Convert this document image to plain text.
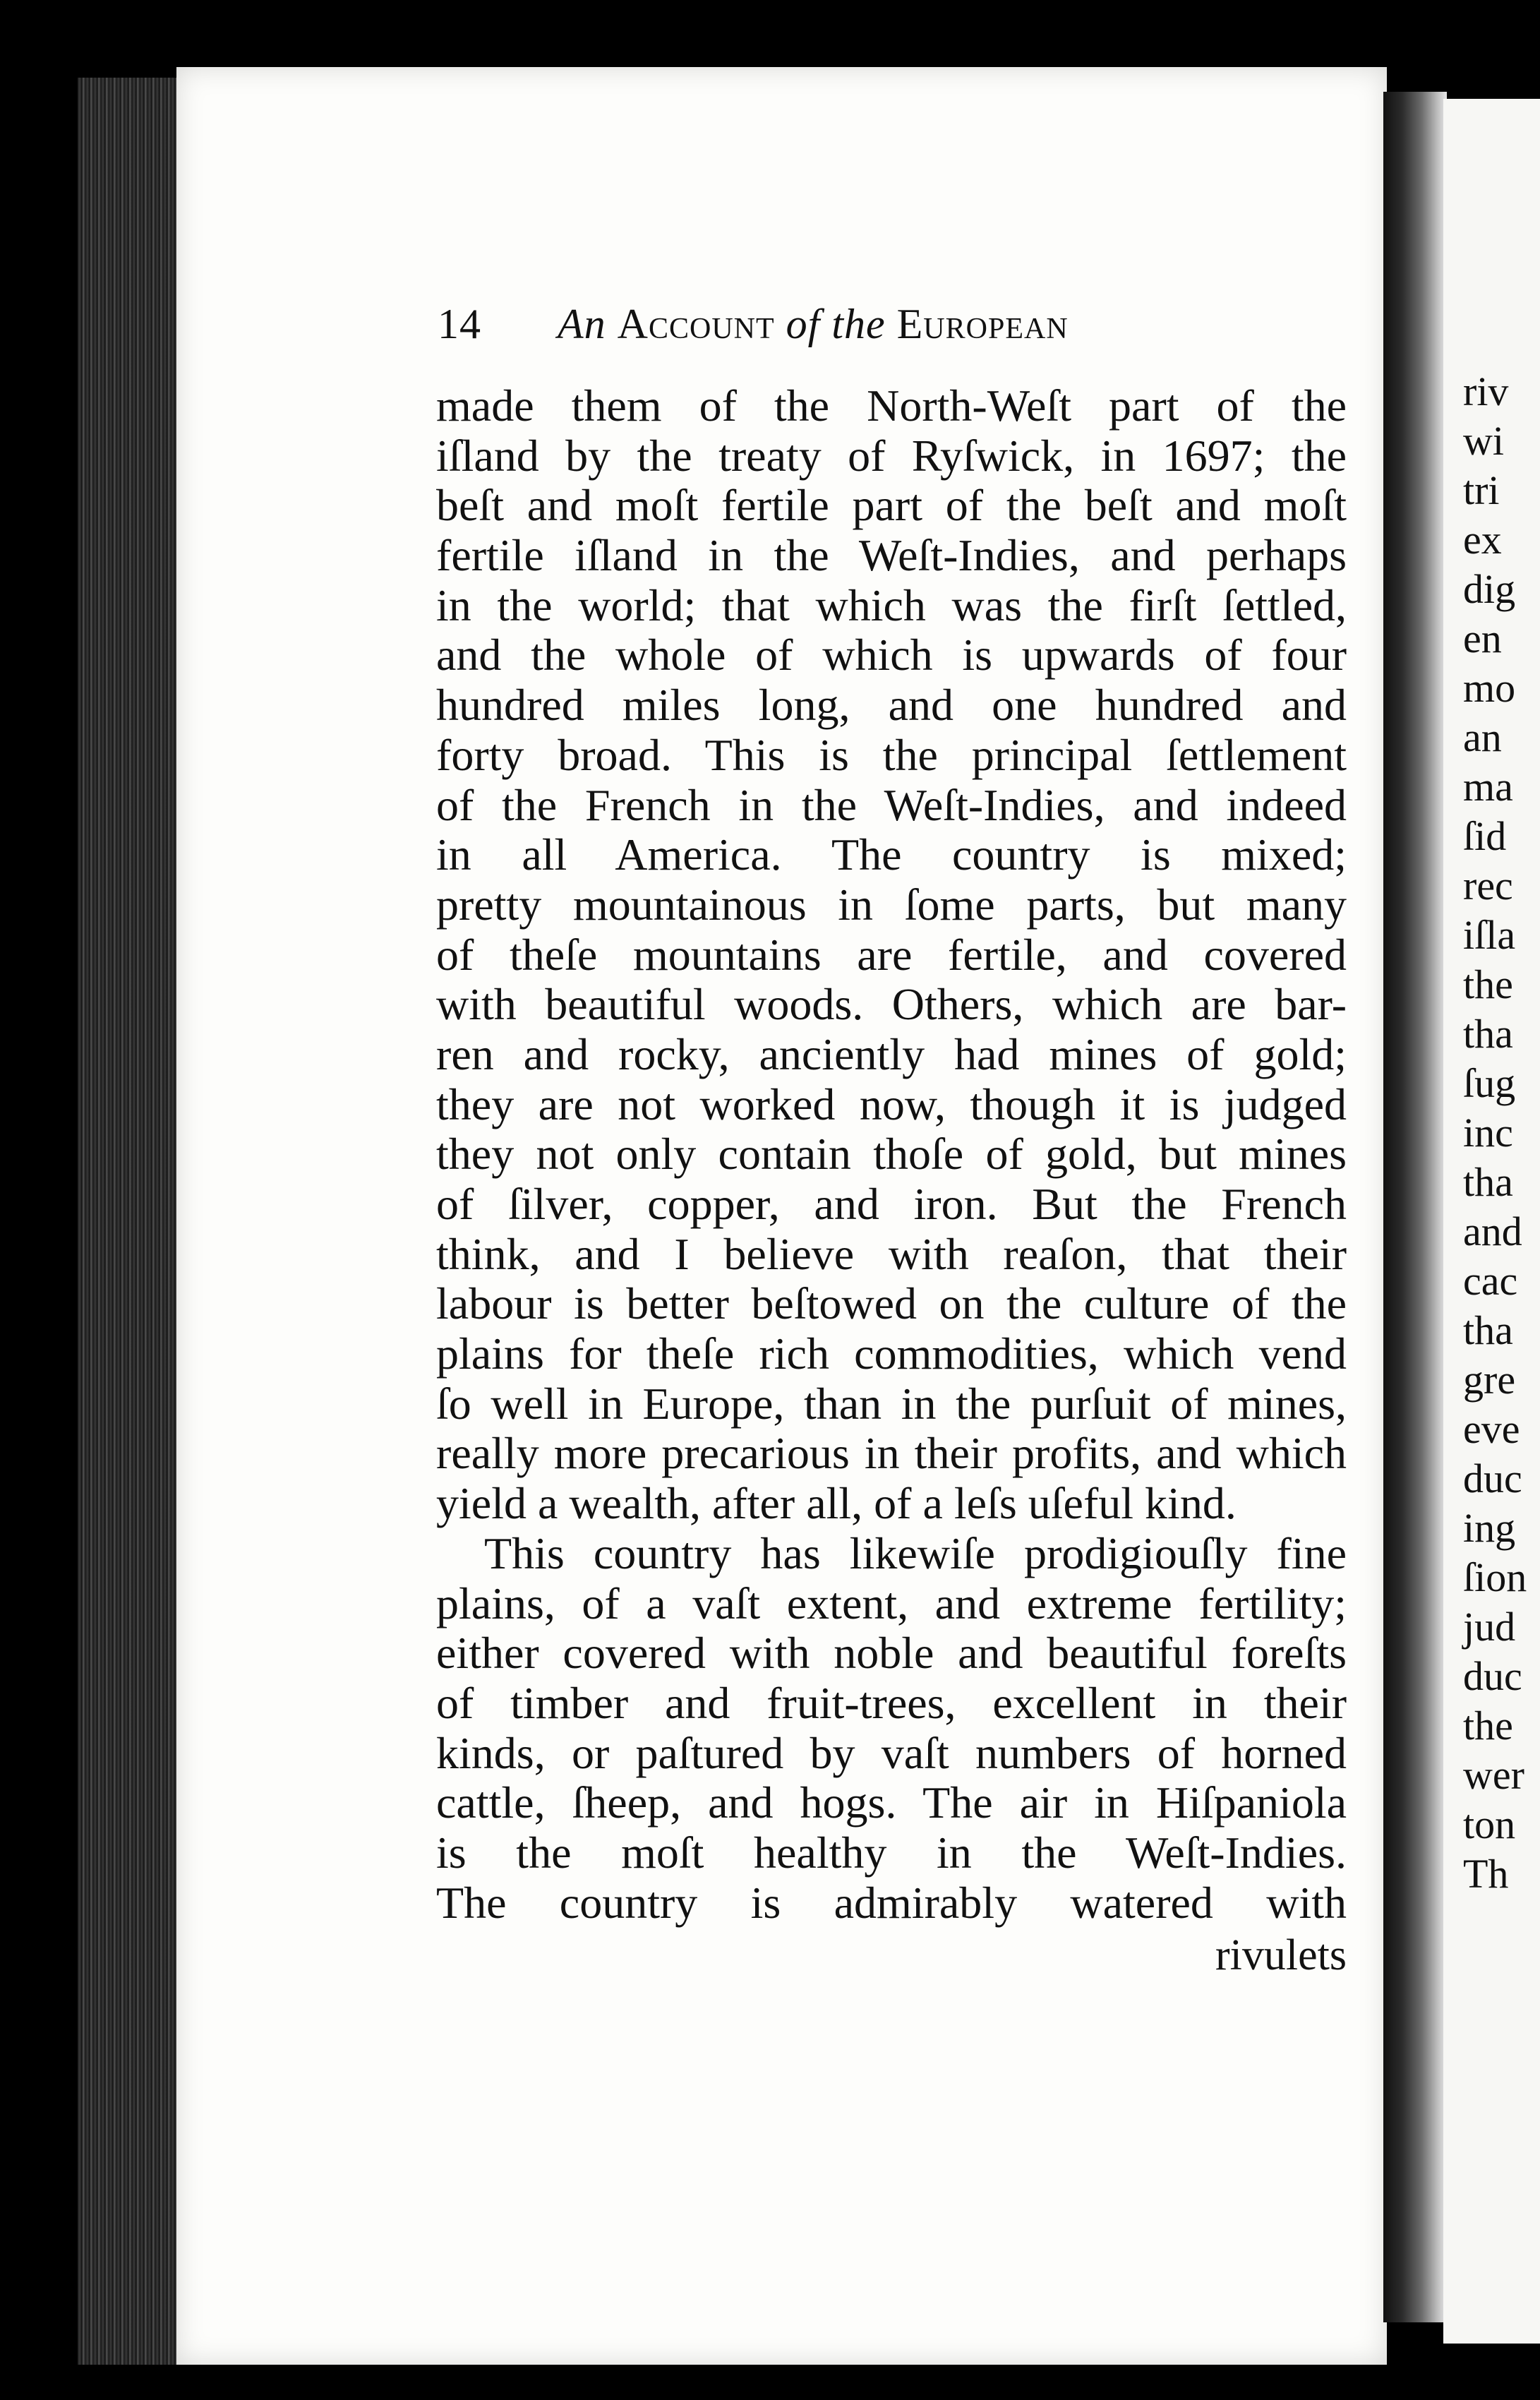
14 An Account of the European
made them of the North-Weſt part of the
iſland by the treaty of Ryſwick, in 1697; the
beſt and moſt fertile part of the beſt and moſt
fertile iſland in the Weſt-Indies, and perhaps
in the world; that which was the firſt ſettled,
and the whole of which is upwards of four
hundred miles long, and one hundred and
forty broad. This is the principal ſettlement
of the French in the Weſt-Indies, and indeed
in all America. The country is mixed;
pretty mountainous in ſome parts, but many
of theſe mountains are fertile, and covered
with beautiful woods. Others, which are bar-
ren and rocky, anciently had mines of gold;
they are not worked now, though it is judged
they not only contain thoſe of gold, but mines
of ſilver, copper, and iron. But the French
think, and I believe with reaſon, that their
labour is better beſtowed on the culture of the
plains for theſe rich commodities, which vend
ſo well in Europe, than in the purſuit of mines,
really more precarious in their profits, and which
yield a wealth, after all, of a leſs uſeful kind.
This country has likewiſe prodigiouſly fine
plains, of a vaſt extent, and extreme fertility;
either covered with noble and beautiful foreſts
of timber and fruit-trees, excellent in their
kinds, or paſtured by vaſt numbers of horned
cattle, ſheep, and hogs. The air in Hiſpaniola
is the moſt healthy in the Weſt-Indies.
The country is admirably watered with
rivulets
riv
wi
tri
ex
dig
en
mo
an
ma
ſid
rec
iſla
the
tha
ſug
inc
tha
and
cac
tha
gre
eve
duc
ing
ſion
jud
duc
the
wer
ton
Th
